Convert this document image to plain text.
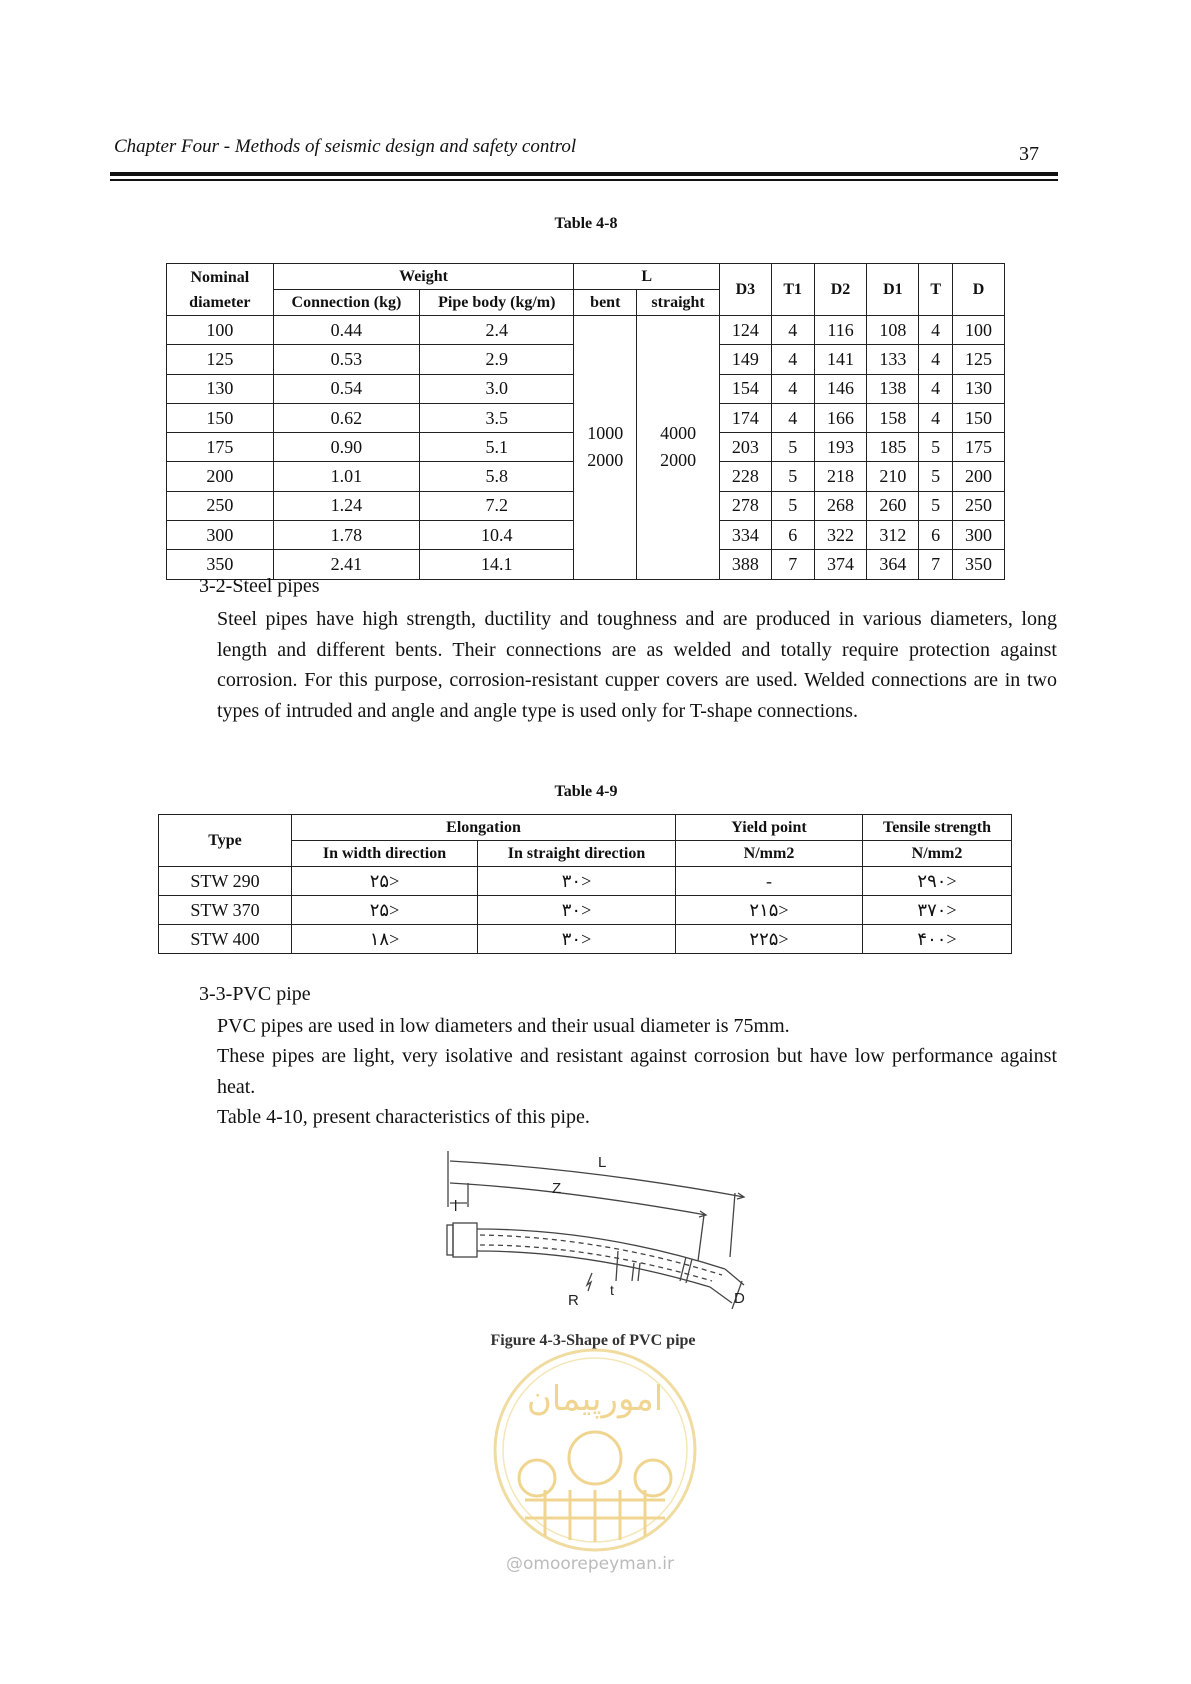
Chapter Four - Methods of seismic design and safety control	37
Table 4-8
Nominal diameter	Weight		L		D3	T1	D2	D1	T	D
	Connection (kg)	Pipe body (kg/m)	bent	straight						
100	0.44	2.4	1000 2000	4000 2000	124	4	116	108	4	100
125	0.53	2.9			149	4	141	133	4	125
130	0.54	3.0			154	4	146	138	4	130
150	0.62	3.5			174	4	166	158	4	150
175	0.90	5.1			203	5	193	185	5	175
200	1.01	5.8			228	5	218	210	5	200
250	1.24	7.2			278	5	268	260	5	250
300	1.78	10.4			334	6	322	312	6	300
350	2.41	14.1			388	7	374	364	7	350
3-2-Steel pipes
Steel pipes have high strength, ductility and toughness and are produced in various diameters, long length and different bents. Their connections are as welded and totally require protection against corrosion. For this purpose, corrosion-resistant cupper covers are used. Welded connections are in two types of intruded and angle and angle type is used only for T-shape connections.
Table 4-9
Type	Elongation		Yield point	Tensile strength
	In width direction	In straight direction	N/mm2	N/mm2
STW 290	۲۵>	۳۰>	-	۲۹۰>
STW 370	۲۵>	۳۰>	۲۱۵>	۳۷۰>
STW 400	۱۸>	۳۰>	۲۲۵>	۴۰۰>
3-3-PVC pipe
PVC pipes are used in low diameters and their usual diameter is 75mm.
These pipes are light, very isolative and resistant against corrosion but have low performance against heat.
Table 4-10, present characteristics of this pipe.
L
Z
l
R
t	D
Figure 4-3-Shape of PVC pipe
امورپیمان
@omoorepeyman.ir
